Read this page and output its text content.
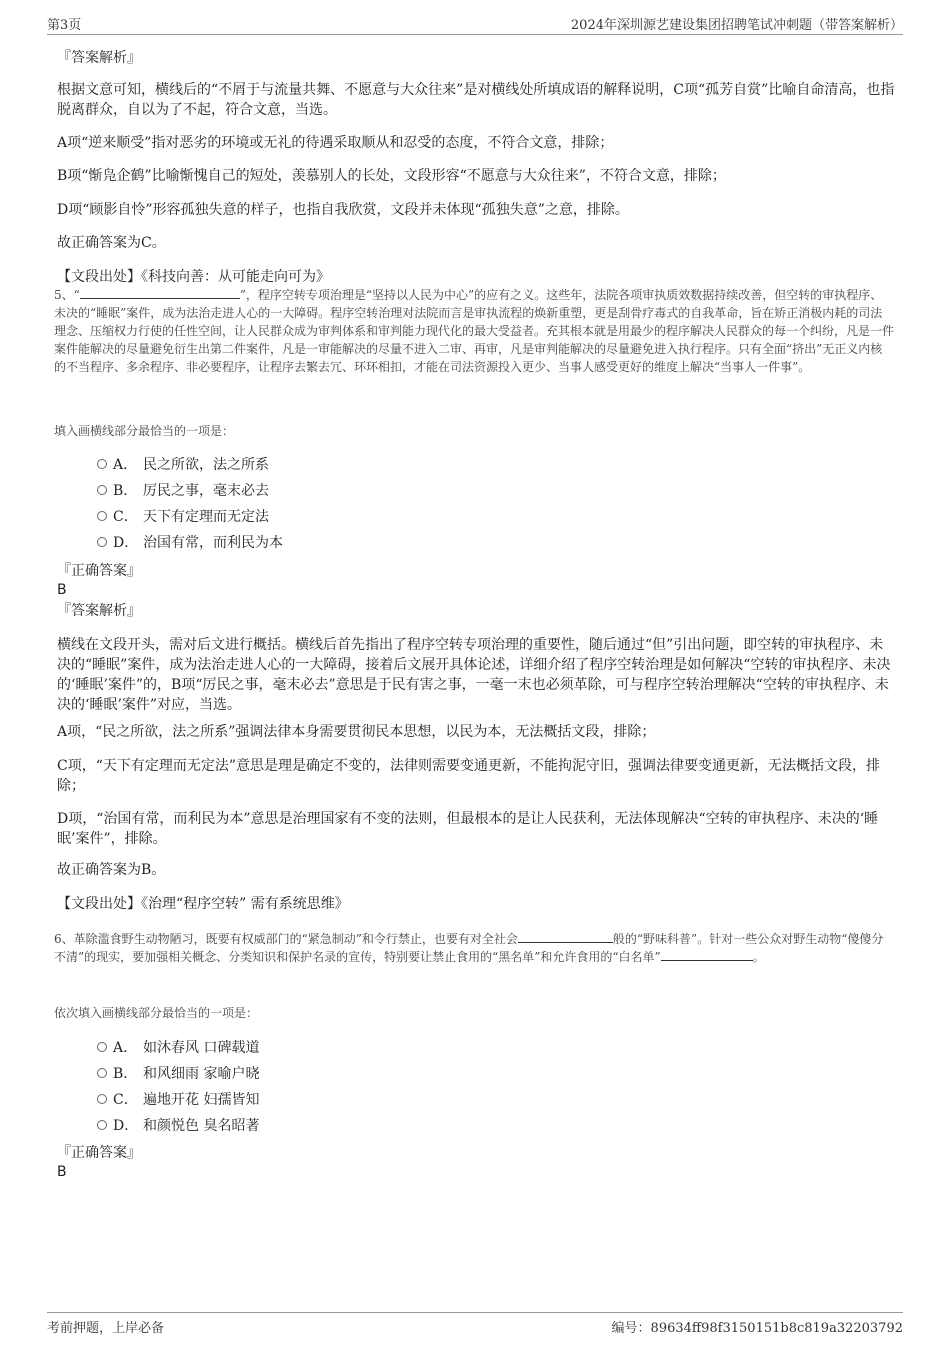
第3页	2024年深圳源艺建设集团招聘笔试冲刺题（带答案解析）
『答案解析』
根据文意可知，横线后的“不屑于与流量共舞、不愿意与大众往来”是对横线处所填成语的解释说明，C项“孤芳自赏”比喻自命清高，也指脱离群众，自以为了不起，符合文意，当选。
A项“逆来顺受”指对恶劣的环境或无礼的待遇采取顺从和忍受的态度，不符合文意，排除；
B项“惭凫企鹤”比喻惭愧自己的短处，羡慕别人的长处，文段形容“不愿意与大众往来”，不符合文意，排除；
D项“顾影自怜”形容孤独失意的样子，也指自我欣赏，文段并未体现“孤独失意”之意，排除。
故正确答案为C。
【文段出处】《科技向善：从可能走向可为》
5、“	”，程序空转专项治理是“坚持以人民为中心”的应有之义。这些年，法院各项审执质效数据持续改善，但空转的审执程序、未决的“睡眠”案件，成为法治走进人心的一大障碍。程序空转治理对法院而言是审执流程的焕新重塑，更是刮骨疗毒式的自我革命，旨在矫正消极内耗的司法理念、压缩权力行使的任性空间，让人民群众成为审判体系和审判能力现代化的最大受益者。充其根本就是用最少的程序解决人民群众的每一个纠纷，凡是一件案件能解决的尽量避免衍生出第二件案件，凡是一审能解决的尽量不进入二审、再审，凡是审判能解决的尽量避免进入执行程序。只有全面“挤出”无正义内核的不当程序、多余程序、非必要程序，让程序去繁去冗、环环相扣，才能在司法资源投入更少、当事人感受更好的维度上解决“当事人一件事”。
填入画横线部分最恰当的一项是：
A． 民之所欲，法之所系
B． 厉民之事，毫末必去
C． 天下有定理而无定法
D． 治国有常，而利民为本
『正确答案』
B
『答案解析』
横线在文段开头，需对后文进行概括。横线后首先指出了程序空转专项治理的重要性，随后通过“但”引出问题，即空转的审执程序、未决的“睡眠”案件，成为法治走进人心的一大障碍，接着后文展开具体论述，详细介绍了程序空转治理是如何解决“空转的审执程序、未决的‘睡眠’案件”的，B项“厉民之事，毫末必去”意思是于民有害之事，一毫一末也必须革除，可与程序空转治理解决“空转的审执程序、未决的‘睡眠’案件”对应，当选。
A项，“民之所欲，法之所系”强调法律本身需要贯彻民本思想，以民为本，无法概括文段，排除；
C项，“天下有定理而无定法”意思是理是确定不变的，法律则需要变通更新，不能拘泥守旧，强调法律要变通更新，无法概括文段，排除；
D项，“治国有常，而利民为本”意思是治理国家有不变的法则，但最根本的是让人民获利，无法体现解决“空转的审执程序、未决的‘睡眠’案件”，排除。
故正确答案为B。
【文段出处】《治理“程序空转” 需有系统思维》
6、革除滥食野生动物陋习，既要有权威部门的“紧急制动”和令行禁止，也要有对全社会	般的“野味科普”。针对一些公众对野生动物“傻傻分不清”的现实，要加强相关概念、分类知识和保护名录的宣传，特别要让禁止食用的“黑名单”和允许食用的“白名单”	。
依次填入画横线部分最恰当的一项是：
A． 如沐春风 口碑载道
B． 和风细雨 家喻户晓
C． 遍地开花 妇孺皆知
D． 和颜悦色 臭名昭著
『正确答案』
B
考前押题，上岸必备	编号：89634ff98f3150151b8c819a32203792
